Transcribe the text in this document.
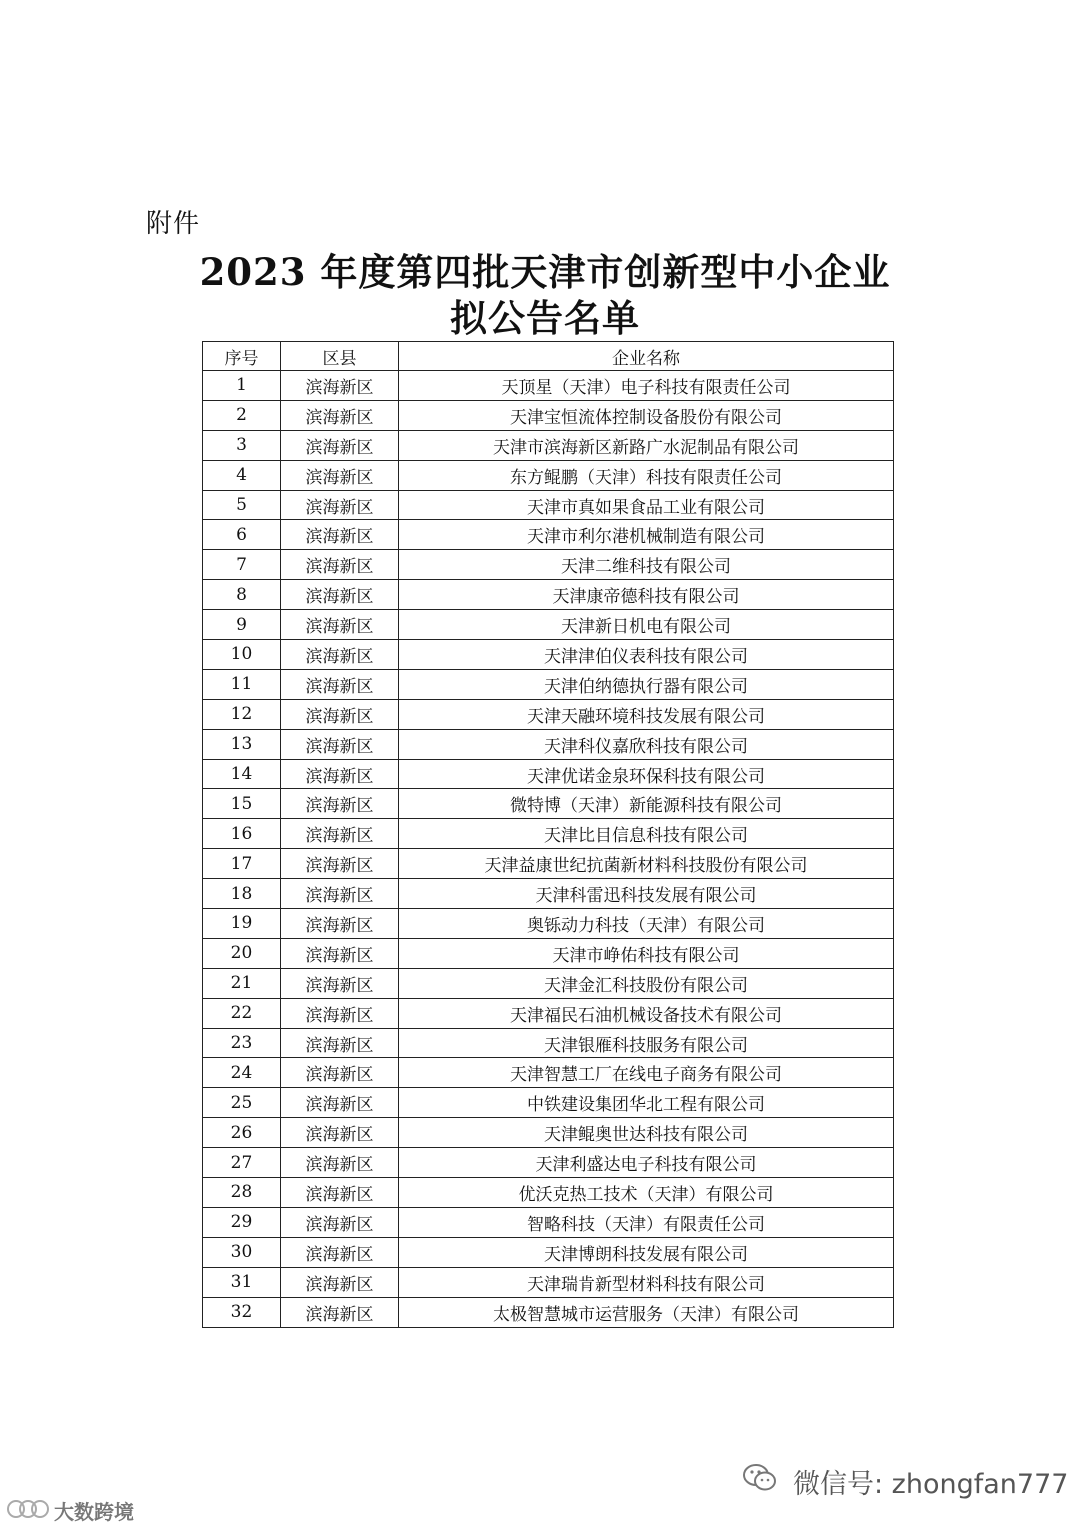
附件
2023 年度第四批天津市创新型中小企业
拟公告名单
序号	区县	企业名称
1	滨海新区	天顶星（天津）电子科技有限责任公司
2	滨海新区	天津宝恒流体控制设备股份有限公司
3	滨海新区	天津市滨海新区新路广水泥制品有限公司
4	滨海新区	东方鲲鹏（天津）科技有限责任公司
5	滨海新区	天津市真如果食品工业有限公司
6	滨海新区	天津市利尔港机械制造有限公司
7	滨海新区	天津二维科技有限公司
8	滨海新区	天津康帝德科技有限公司
9	滨海新区	天津新日机电有限公司
10	滨海新区	天津津伯仪表科技有限公司
11	滨海新区	天津伯纳德执行器有限公司
12	滨海新区	天津天融环境科技发展有限公司
13	滨海新区	天津科仪嘉欣科技有限公司
14	滨海新区	天津优诺金泉环保科技有限公司
15	滨海新区	微特博（天津）新能源科技有限公司
16	滨海新区	天津比目信息科技有限公司
17	滨海新区	天津益康世纪抗菌新材料科技股份有限公司
18	滨海新区	天津科雷迅科技发展有限公司
19	滨海新区	奥铄动力科技（天津）有限公司
20	滨海新区	天津市峥佑科技有限公司
21	滨海新区	天津金汇科技股份有限公司
22	滨海新区	天津福民石油机械设备技术有限公司
23	滨海新区	天津银雁科技服务有限公司
24	滨海新区	天津智慧工厂在线电子商务有限公司
25	滨海新区	中铁建设集团华北工程有限公司
26	滨海新区	天津鲲奥世达科技有限公司
27	滨海新区	天津利盛达电子科技有限公司
28	滨海新区	优沃克热工技术（天津）有限公司
29	滨海新区	智略科技（天津）有限责任公司
30	滨海新区	天津博朗科技发展有限公司
31	滨海新区	天津瑞肯新型材料科技有限公司
32	滨海新区	太极智慧城市运营服务（天津）有限公司
微信号: zhongfan777
大数跨境
